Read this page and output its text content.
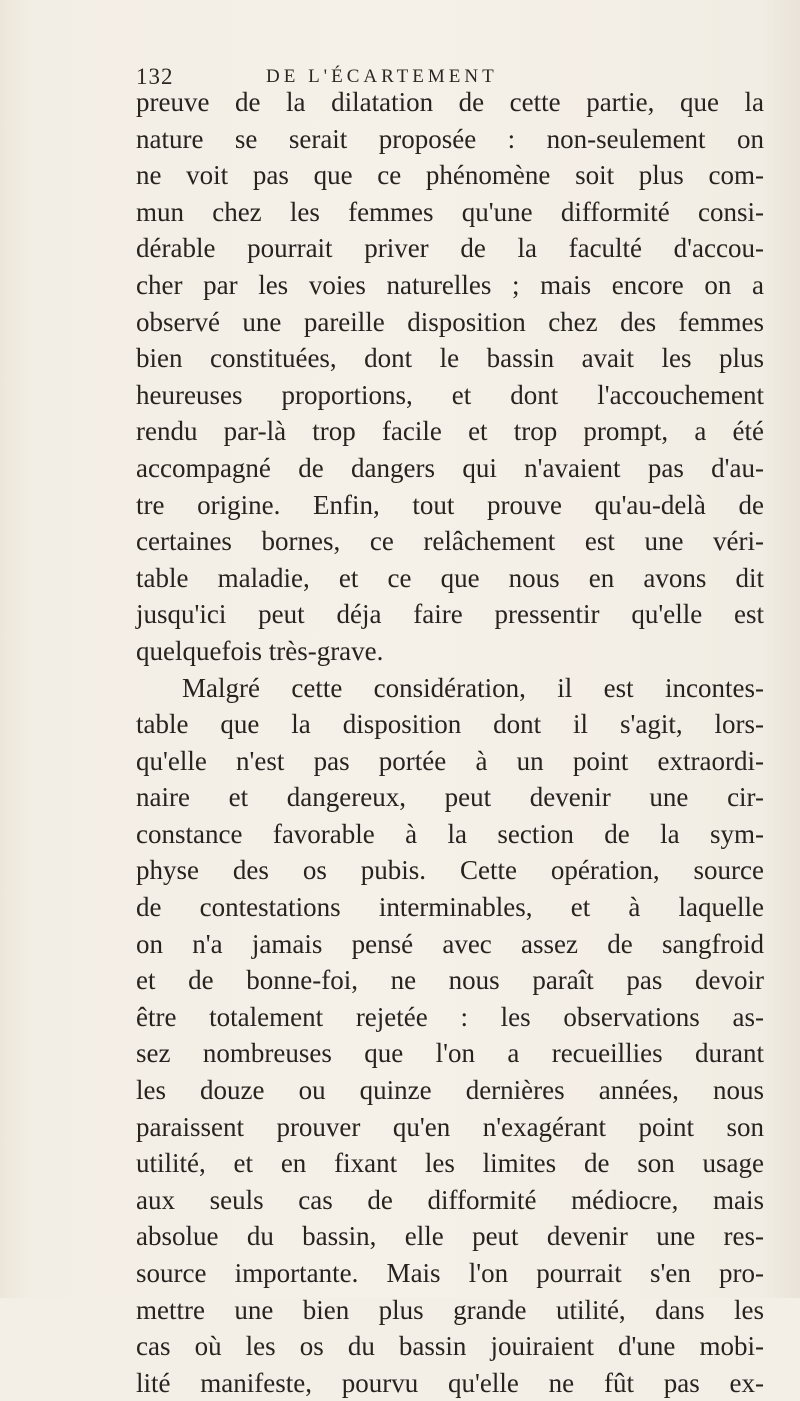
132	DE L'ÉCARTEMENT
preuve de la dilatation de cette partie, que la
nature se serait proposée : non-seulement on
ne voit pas que ce phénomène soit plus com-
mun chez les femmes qu'une difformité consi-
dérable pourrait priver de la faculté d'accou-
cher par les voies naturelles ; mais encore on a
observé une pareille disposition chez des femmes
bien constituées, dont le bassin avait les plus
heureuses proportions, et dont l'accouchement
rendu par-là trop facile et trop prompt, a été
accompagné de dangers qui n'avaient pas d'au-
tre origine. Enfin, tout prouve qu'au-delà de
certaines bornes, ce relâchement est une véri-
table maladie, et ce que nous en avons dit
jusqu'ici peut déja faire pressentir qu'elle est
quelquefois très-grave.
Malgré cette considération, il est incontes-
table que la disposition dont il s'agit, lors-
qu'elle n'est pas portée à un point extraordi-
naire et dangereux, peut devenir une cir-
constance favorable à la section de la sym-
physe des os pubis. Cette opération, source
de contestations interminables, et à laquelle
on n'a jamais pensé avec assez de sangfroid
et de bonne-foi, ne nous paraît pas devoir
être totalement rejetée : les observations as-
sez nombreuses que l'on a recueillies durant
les douze ou quinze dernières années, nous
paraissent prouver qu'en n'exagérant point son
utilité, et en fixant les limites de son usage
aux seuls cas de difformité médiocre, mais
absolue du bassin, elle peut devenir une res-
source importante. Mais l'on pourrait s'en pro-
mettre une bien plus grande utilité, dans les
cas où les os du bassin jouiraient d'une mobi-
lité manifeste, pourvu qu'elle ne fût pas ex-
